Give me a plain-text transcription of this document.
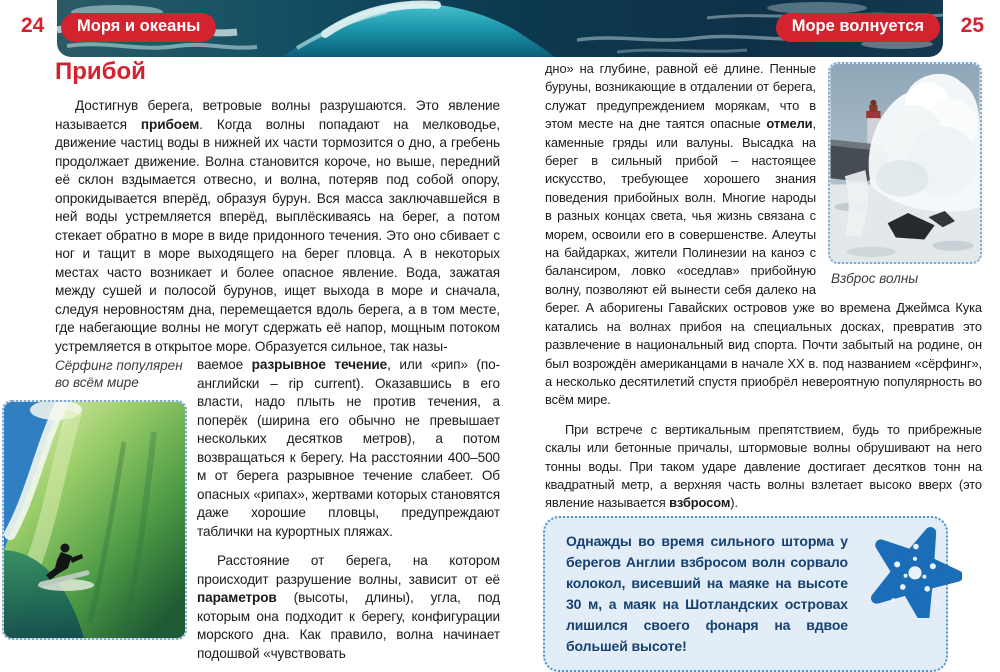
24	Моря и океаны	Море волнуется	25
Прибой

Достигнув берега, ветровые волны разрушаются. Это явление называется прибоем. Когда волны попадают на мелководье, движение частиц воды в нижней их части тормозится о дно, а гребень продолжает движение. Волна становится короче, но выше, передний её склон вздымается отвесно, и волна, потеряв под собой опору, опрокидывается вперёд, образуя бурун. Вся масса заключавшейся в ней воды устремляется вперёд, выплёскиваясь на берег, а потом стекает обратно в море в виде придонного течения. Это оно сбивает с ног и тащит в море выходящего на берег пловца. А в некоторых местах часто возникает и более опасное явление. Вода, зажатая между сушей и полосой бурунов, ищет выхода в море и сначала, следуя неровностям дна, перемещается вдоль берега, а в том месте, где набегающие волны не могут сдержать её напор, мощным потоком устремляется в открытое море. Образуется сильное, так назы-

Сёрфинг популярен во всём мире

ваемое разрывное течение, или «рип» (по-английски – rip current). Оказавшись в его власти, надо плыть не против течения, а поперёк (ширина его обычно не превышает нескольких десятков метров), а потом возвращаться к берегу. На расстоянии 400–500 м от берега разрывное течение слабеет. Об опасных «рипах», жертвами которых становятся даже хорошие пловцы, предупреждают таблички на курортных пляжах.

Расстояние от берега, на котором происходит разрушение волны, зависит от её параметров (высоты, длины), угла, под которым она подходит к берегу, конфигурации морского дна. Как правило, волна начинает подошвой «чувствовать

Взброс волны

дно» на глубине, равной её длине. Пенные буруны, возникающие в отдалении от берега, служат предупреждением морякам, что в этом месте на дне таятся опасные отмели, каменные гряды или валуны. Высадка на берег в сильный прибой – настоящее искусство, требующее хорошего знания поведения прибойных волн. Многие народы в разных концах света, чья жизнь связана с морем, освоили его в совершенстве. Алеуты на байдарках, жители Полинезии на каноэ с балансиром, ловко «оседлав» прибойную волну, позволяют ей вынести себя далеко на берег. А аборигены Гавайских островов уже во времена Джеймса Кука катались на волнах прибоя на специальных досках, превратив это развлечение в национальный вид спорта. Почти забытый на родине, он был возрождён американцами в начале XX в. под названием «сёрфинг», а несколько десятилетий спустя приобрёл невероятную популярность во всём мире.

При встрече с вертикальным препятствием, будь то прибрежные скалы или бетонные причалы, штормовые волны обрушивают на него тонны воды. При таком ударе давление достигает десятков тонн на квадратный метр, а верхняя часть волны взлетает высоко вверх (это явление называется взбросом).

Однажды во время сильного шторма у берегов Англии взбросом волн сорвало колокол, висевший на маяке на высоте 30 м, а маяк на Шотландских островах лишился своего фонаря на вдвое большей высоте!
